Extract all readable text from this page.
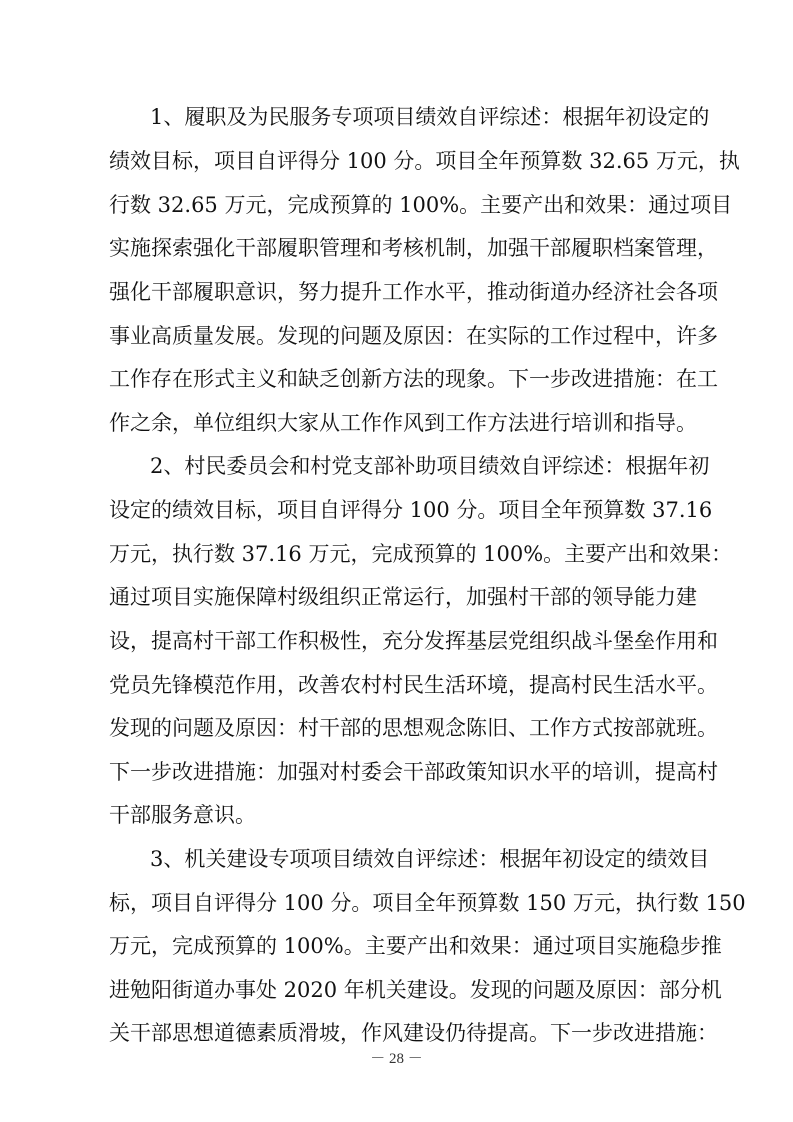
1、履职及为民服务专项项目绩效自评综述：根据年初设定的
绩效目标，项目自评得分 100 分。项目全年预算数 32.65 万元，执
行数 32.65 万元，完成预算的 100%。主要产出和效果：通过项目
实施探索强化干部履职管理和考核机制，加强干部履职档案管理，
强化干部履职意识，努力提升工作水平，推动街道办经济社会各项
事业高质量发展。发现的问题及原因：在实际的工作过程中，许多
工作存在形式主义和缺乏创新方法的现象。下一步改进措施：在工
作之余，单位组织大家从工作作风到工作方法进行培训和指导。
2、村民委员会和村党支部补助项目绩效自评综述：根据年初
设定的绩效目标，项目自评得分 100 分。项目全年预算数 37.16
万元，执行数 37.16 万元，完成预算的 100%。主要产出和效果：
通过项目实施保障村级组织正常运行，加强村干部的领导能力建
设，提高村干部工作积极性，充分发挥基层党组织战斗堡垒作用和
党员先锋模范作用，改善农村村民生活环境，提高村民生活水平。
发现的问题及原因：村干部的思想观念陈旧、工作方式按部就班。
下一步改进措施：加强对村委会干部政策知识水平的培训，提高村
干部服务意识。
3、机关建设专项项目绩效自评综述：根据年初设定的绩效目
标，项目自评得分 100 分。项目全年预算数 150 万元，执行数 150
万元，完成预算的 100%。主要产出和效果：通过项目实施稳步推
进勉阳街道办事处 2020 年机关建设。发现的问题及原因：部分机
关干部思想道德素质滑坡，作风建设仍待提高。下一步改进措施：
－ 28 －
